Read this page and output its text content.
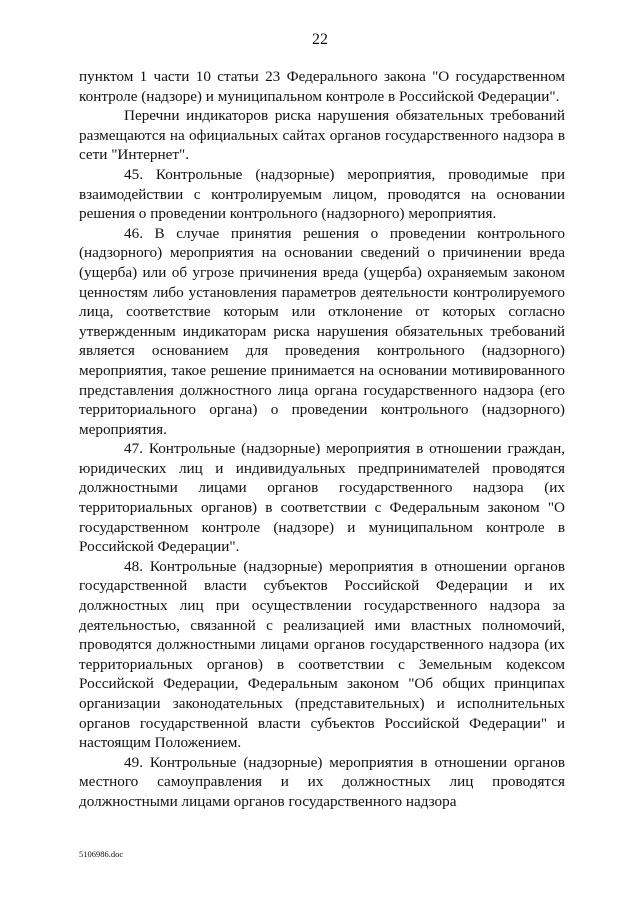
22

пунктом 1 части 10 статьи 23 Федерального закона "О государственном контроле (надзоре) и муниципальном контроле в Российской Федерации".

Перечни индикаторов риска нарушения обязательных требований размещаются на официальных сайтах органов государственного надзора в сети "Интернет".

45. Контрольные (надзорные) мероприятия, проводимые при взаимодействии с контролируемым лицом, проводятся на основании решения о проведении контрольного (надзорного) мероприятия.

46. В случае принятия решения о проведении контрольного (надзорного) мероприятия на основании сведений о причинении вреда (ущерба) или об угрозе причинения вреда (ущерба) охраняемым законом ценностям либо установления параметров деятельности контролируемого лица, соответствие которым или отклонение от которых согласно утвержденным индикаторам риска нарушения обязательных требований является основанием для проведения контрольного (надзорного) мероприятия, такое решение принимается на основании мотивированного представления должностного лица органа государственного надзора (его территориального органа) о проведении контрольного (надзорного) мероприятия.

47. Контрольные (надзорные) мероприятия в отношении граждан, юридических лиц и индивидуальных предпринимателей проводятся должностными лицами органов государственного надзора (их территориальных органов) в соответствии с Федеральным законом "О государственном контроле (надзоре) и муниципальном контроле в Российской Федерации".

48. Контрольные (надзорные) мероприятия в отношении органов государственной власти субъектов Российской Федерации и их должностных лиц при осуществлении государственного надзора за деятельностью, связанной с реализацией ими властных полномочий, проводятся должностными лицами органов государственного надзора (их территориальных органов) в соответствии с Земельным кодексом Российской Федерации, Федеральным законом "Об общих принципах организации законодательных (представительных) и исполнительных органов государственной власти субъектов Российской Федерации" и настоящим Положением.

49. Контрольные (надзорные) мероприятия в отношении органов местного самоуправления и их должностных лиц проводятся должностными лицами органов государственного надзора

5106986.doc
